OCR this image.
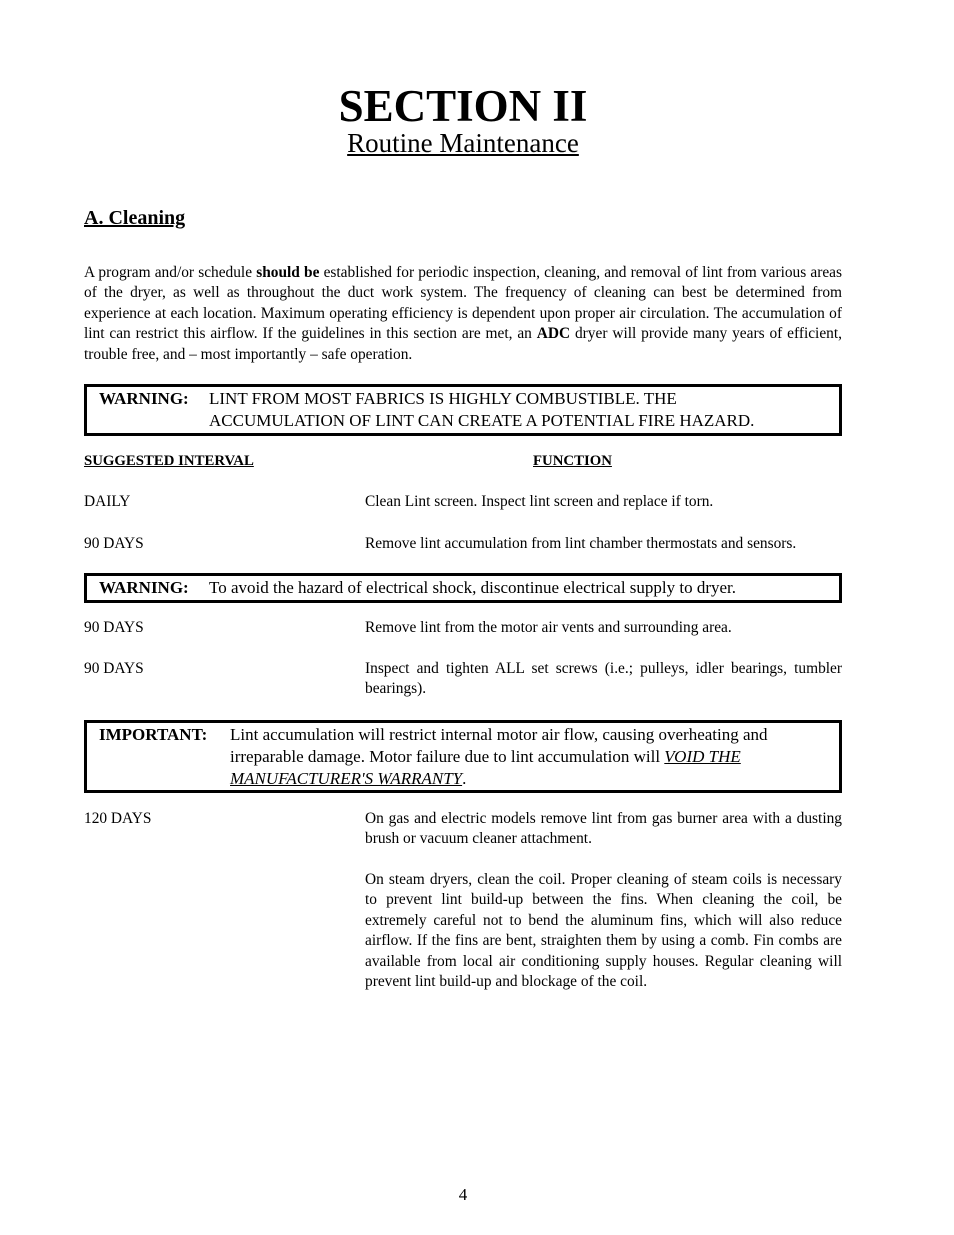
SECTION II
Routine Maintenance
A. Cleaning
A program and/or schedule should be established for periodic inspection, cleaning, and removal of lint from various areas of the dryer, as well as throughout the duct work system. The frequency of cleaning can best be determined from experience at each location. Maximum operating efficiency is dependent upon proper air circulation. The accumulation of lint can restrict this airflow. If the guidelines in this section are met, an ADC dryer will provide many years of efficient, trouble free, and – most importantly – safe operation.
WARNING:	LINT FROM MOST FABRICS IS HIGHLY COMBUSTIBLE. THE ACCUMULATION OF LINT CAN CREATE A POTENTIAL FIRE HAZARD.
SUGGESTED INTERVAL	FUNCTION
DAILY	Clean Lint screen. Inspect lint screen and replace if torn.
90 DAYS	Remove lint accumulation from lint chamber thermostats and sensors.
WARNING:	To avoid the hazard of electrical shock, discontinue electrical supply to dryer.
90 DAYS	Remove lint from the motor air vents and surrounding area.
90 DAYS	Inspect and tighten ALL set screws (i.e.; pulleys, idler bearings, tumbler bearings).
IMPORTANT:	Lint accumulation will restrict internal motor air flow, causing overheating and irreparable damage. Motor failure due to lint accumulation will VOID THE MANUFACTURER'S WARRANTY.
120 DAYS	On gas and electric models remove lint from gas burner area with a dusting brush or vacuum cleaner attachment.
On steam dryers, clean the coil. Proper cleaning of steam coils is necessary to prevent lint build-up between the fins. When cleaning the coil, be extremely careful not to bend the aluminum fins, which will also reduce airflow. If the fins are bent, straighten them by using a comb. Fin combs are available from local air conditioning supply houses. Regular cleaning will prevent lint build-up and blockage of the coil.
4
